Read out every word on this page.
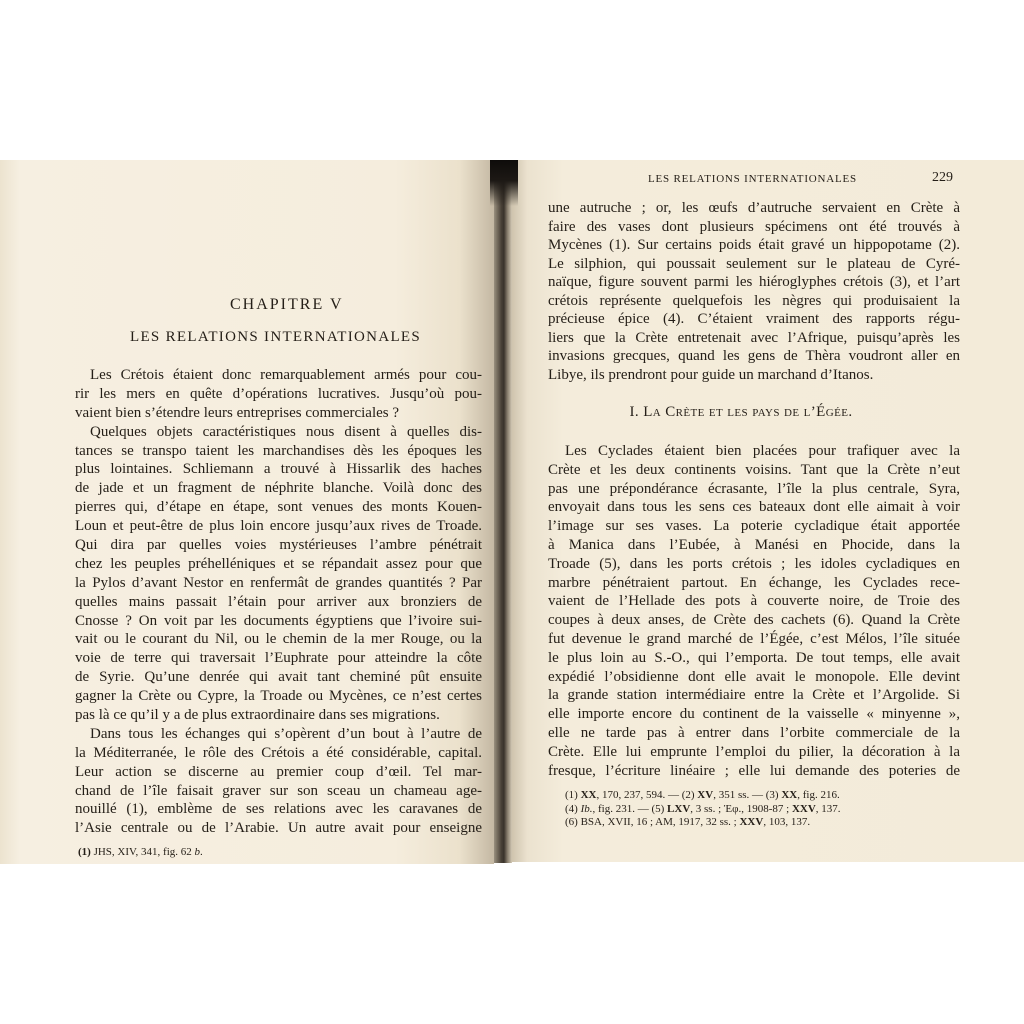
CHAPITRE V
LES RELATIONS INTERNATIONALES
Les Crétois étaient donc remarquablement armés pour cou-
rir les mers en quête d’opérations lucratives. Jusqu’où pou-
vaient bien s’étendre leurs entreprises commerciales ?
Quelques objets caractéristiques nous disent à quelles dis-
tances se transpo taient les marchandises dès les époques les
plus lointaines. Schliemann a trouvé à Hissarlik des haches
de jade et un fragment de néphrite blanche. Voilà donc des
pierres qui, d’étape en étape, sont venues des monts Kouen-
Loun et peut-être de plus loin encore jusqu’aux rives de Troade.
Qui dira par quelles voies mystérieuses l’ambre pénétrait
chez les peuples préhelléniques et se répandait assez pour que
la Pylos d’avant Nestor en renfermât de grandes quantités ? Par
quelles mains passait l’étain pour arriver aux bronziers de
Cnosse ? On voit par les documents égyptiens que l’ivoire sui-
vait ou le courant du Nil, ou le chemin de la mer Rouge, ou la
voie de terre qui traversait l’Euphrate pour atteindre la côte
de Syrie. Qu’une denrée qui avait tant cheminé pût ensuite
gagner la Crète ou Cypre, la Troade ou Mycènes, ce n’est certes
pas là ce qu’il y a de plus extraordinaire dans ses migrations.
Dans tous les échanges qui s’opèrent d’un bout à l’autre de
la Méditerranée, le rôle des Crétois a été considérable, capital.
Leur action se discerne au premier coup d’œil. Tel mar-
chand de l’île faisait graver sur son sceau un chameau age-
nouillé (1), emblème de ses relations avec les caravanes de
l’Asie centrale ou de l’Arabie. Un autre avait pour enseigne
(1) JHS, XIV, 341, fig. 62 b.
LES RELATIONS INTERNATIONALES	229
une autruche ; or, les œufs d’autruche servaient en Crète à
faire des vases dont plusieurs spécimens ont été trouvés à
Mycènes (1). Sur certains poids était gravé un hippopotame (2).
Le silphion, qui poussait seulement sur le plateau de Cyré-
naïque, figure souvent parmi les hiéroglyphes crétois (3), et l’art
crétois représente quelquefois les nègres qui produisaient la
précieuse épice (4). C’étaient vraiment des rapports régu-
liers que la Crète entretenait avec l’Afrique, puisqu’après les
invasions grecques, quand les gens de Thèra voudront aller en
Libye, ils prendront pour guide un marchand d’Itanos.
I. La Crète et les pays de l’Égée.
Les Cyclades étaient bien placées pour trafiquer avec la
Crète et les deux continents voisins. Tant que la Crète n’eut
pas une prépondérance écrasante, l’île la plus centrale, Syra,
envoyait dans tous les sens ces bateaux dont elle aimait à voir
l’image sur ses vases. La poterie cycladique était apportée
à Manica dans l’Eubée, à Manési en Phocide, dans la
Troade (5), dans les ports crétois ; les idoles cycladiques en
marbre pénétraient partout. En échange, les Cyclades rece-
vaient de l’Hellade des pots à couverte noire, de Troie des
coupes à deux anses, de Crète des cachets (6). Quand la Crète
fut devenue le grand marché de l’Égée, c’est Mélos, l’île située
le plus loin au S.-O., qui l’emporta. De tout temps, elle avait
expédié l’obsidienne dont elle avait le monopole. Elle devint
la grande station intermédiaire entre la Crète et l’Argolide. Si
elle importe encore du continent de la vaisselle « minyenne »,
elle ne tarde pas à entrer dans l’orbite commerciale de la
Crète. Elle lui emprunte l’emploi du pilier, la décoration à la
fresque, l’écriture linéaire ; elle lui demande des poteries de
(1) XX, 170, 237, 594. — (2) XV, 351 ss. — (3) XX, fig. 216.
(4) Ib., fig. 231. — (5) LXV, 3 ss. ; Ἐφ., 1908-87 ; XXV, 137.
(6) BSA, XVII, 16 ; AM, 1917, 32 ss. ; XXV, 103, 137.
